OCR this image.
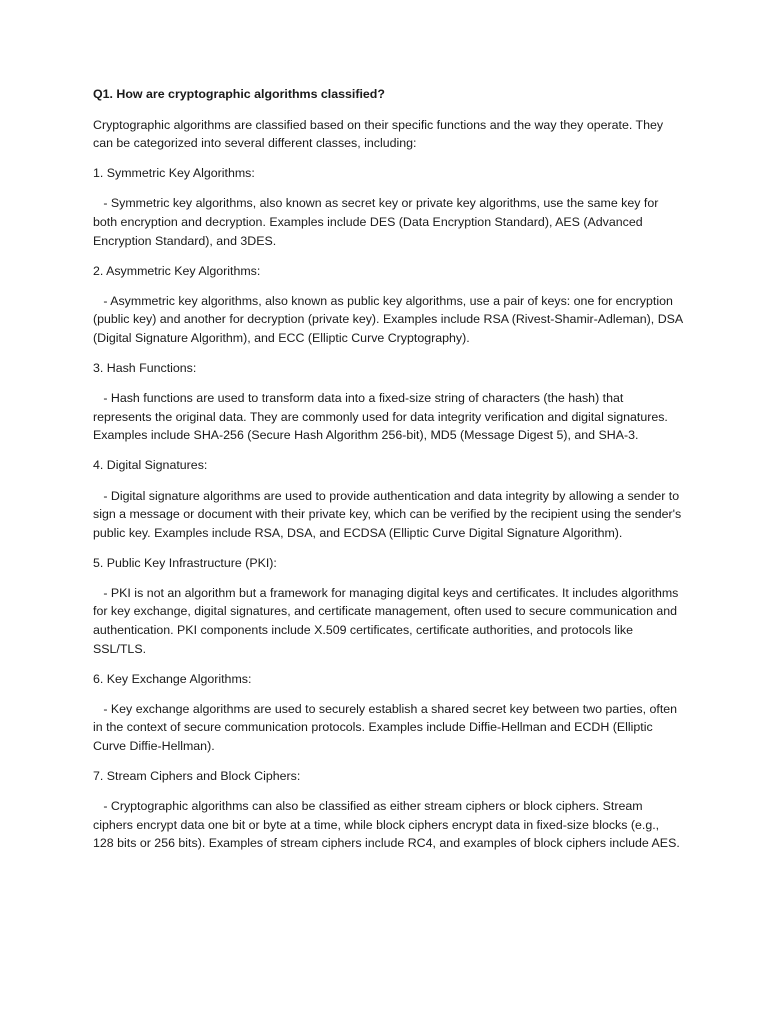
Q1. How are cryptographic algorithms classified?

Cryptographic algorithms are classified based on their specific functions and the way they operate. They can be categorized into several different classes, including:

1. Symmetric Key Algorithms:

- Symmetric key algorithms, also known as secret key or private key algorithms, use the same key for both encryption and decryption. Examples include DES (Data Encryption Standard), AES (Advanced Encryption Standard), and 3DES.

2. Asymmetric Key Algorithms:

- Asymmetric key algorithms, also known as public key algorithms, use a pair of keys: one for encryption (public key) and another for decryption (private key). Examples include RSA (Rivest-Shamir-Adleman), DSA (Digital Signature Algorithm), and ECC (Elliptic Curve Cryptography).

3. Hash Functions:

- Hash functions are used to transform data into a fixed-size string of characters (the hash) that represents the original data. They are commonly used for data integrity verification and digital signatures. Examples include SHA-256 (Secure Hash Algorithm 256-bit), MD5 (Message Digest 5), and SHA-3.

4. Digital Signatures:

- Digital signature algorithms are used to provide authentication and data integrity by allowing a sender to sign a message or document with their private key, which can be verified by the recipient using the sender's public key. Examples include RSA, DSA, and ECDSA (Elliptic Curve Digital Signature Algorithm).

5. Public Key Infrastructure (PKI):

- PKI is not an algorithm but a framework for managing digital keys and certificates. It includes algorithms for key exchange, digital signatures, and certificate management, often used to secure communication and authentication. PKI components include X.509 certificates, certificate authorities, and protocols like SSL/TLS.

6. Key Exchange Algorithms:

- Key exchange algorithms are used to securely establish a shared secret key between two parties, often in the context of secure communication protocols. Examples include Diffie-Hellman and ECDH (Elliptic Curve Diffie-Hellman).

7. Stream Ciphers and Block Ciphers:

- Cryptographic algorithms can also be classified as either stream ciphers or block ciphers. Stream ciphers encrypt data one bit or byte at a time, while block ciphers encrypt data in fixed-size blocks (e.g., 128 bits or 256 bits). Examples of stream ciphers include RC4, and examples of block ciphers include AES.
